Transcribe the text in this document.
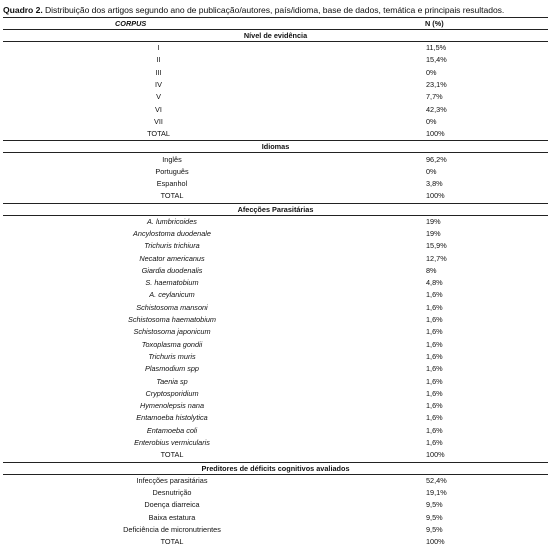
Quadro 2. Distribuição dos artigos segundo ano de publicação/autores, país/idioma, base de dados, temática e principais resultados.
CORPUS	N (%)
Nível de evidência	
I	11,5%
II	15,4%
III	0%
IV	23,1%
V	7,7%
VI	42,3%
VII	0%
TOTAL	100%
Idiomas	
Inglês	96,2%
Português	0%
Espanhol	3,8%
TOTAL	100%
Afecções Parasitárias	
A. lumbricoides	19%
Ancylostoma duodenale	19%
Trichuris trichiura	15,9%
Necator americanus	12,7%
Giardia duodenalis	8%
S. haematobium	4,8%
A. ceylanicum	1,6%
Schistosoma mansoni	1,6%
Schistosoma haematobium	1,6%
Schistosoma japonicum	1,6%
Toxoplasma gondii	1,6%
Trichuris muris	1,6%
Plasmodium spp	1,6%
Taenia sp	1,6%
Cryptosporidium	1,6%
Hymenolepsis nana	1,6%
Entamoeba histolytica	1,6%
Entamoeba coli	1,6%
Enterobius vermicularis	1,6%
TOTAL	100%
Preditores de déficits cognitivos avaliados	
Infecções parasitárias	52,4%
Desnutrição	19,1%
Doença diarreica	9,5%
Baixa estatura	9,5%
Deficiência de micronutrientes	9,5%
TOTAL	100%
